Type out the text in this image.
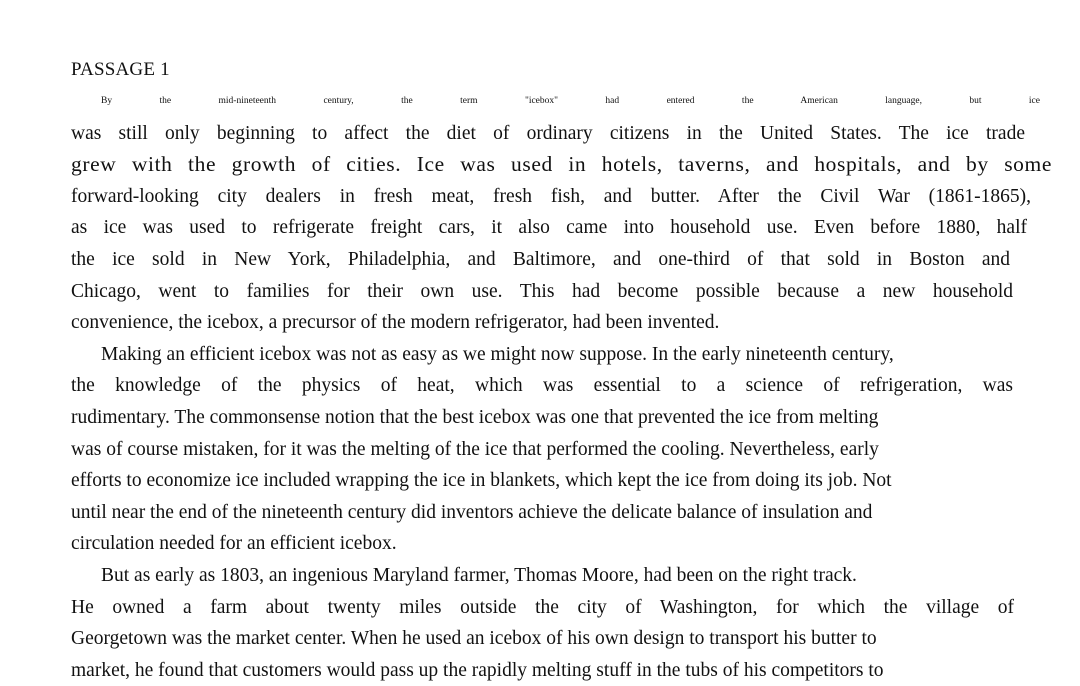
PASSAGE 1
By the mid-nineteenth century, the term "icebox" had entered the American language, but ice
was still only beginning to affect the diet of ordinary citizens in the United States. The ice trade
grew with the growth of cities. Ice was used in hotels, taverns, and hospitals, and by some
forward-looking city dealers in fresh meat, fresh fish, and butter. After the Civil War (1861-1865),
as ice was used to refrigerate freight cars, it also came into household use. Even before 1880, half
the ice sold in New York, Philadelphia, and Baltimore, and one-third of that sold in Boston and
Chicago, went to families for their own use. This had become possible because a new household
convenience, the icebox, a precursor of the modern refrigerator, had been invented.
Making an efficient icebox was not as easy as we might now suppose. In the early nineteenth century,
the knowledge of the physics of heat, which was essential to a science of refrigeration, was
rudimentary. The commonsense notion that the best icebox was one that prevented the ice from melting
was of course mistaken, for it was the melting of the ice that performed the cooling. Nevertheless, early
efforts to economize ice included wrapping the ice in blankets, which kept the ice from doing its job. Not
until near the end of the nineteenth century did inventors achieve the delicate balance of insulation and
circulation needed for an efficient icebox.
But as early as 1803, an ingenious Maryland farmer, Thomas Moore, had been on the right track.
He owned a farm about twenty miles outside the city of Washington, for which the village of
Georgetown was the market center. When he used an icebox of his own design to transport his butter to
market, he found that customers would pass up the rapidly melting stuff in the tubs of his competitors to
